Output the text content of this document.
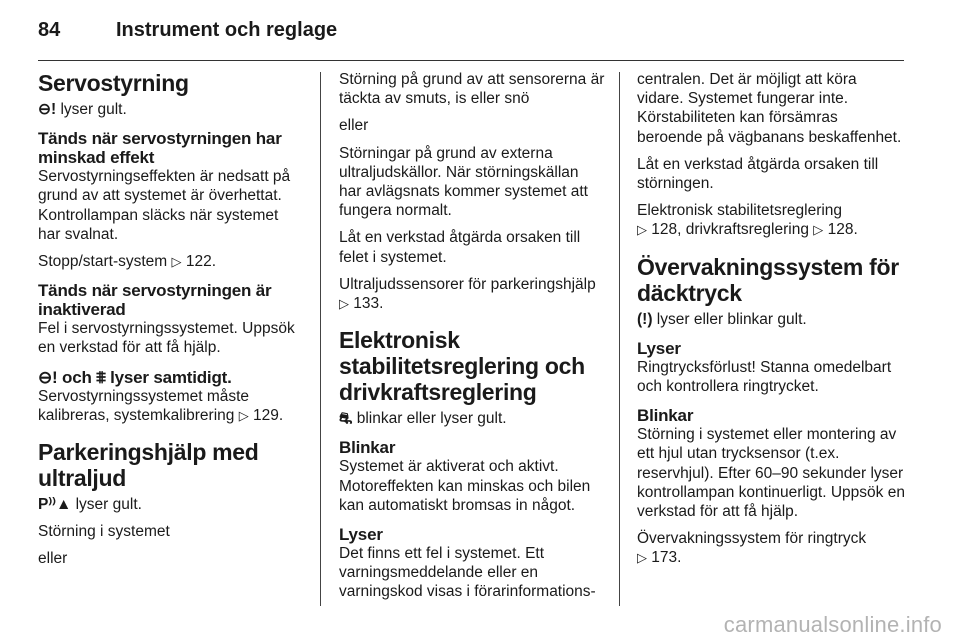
84	Instrument och reglage
Servostyrning

⊖! lyser gult.

Tänds när servostyrningen har minskad effekt

Servostyrningseffekten är nedsatt på grund av att systemet är överhettat. Kontrollampan släcks när systemet har svalnat.

Stopp/start-system ▷ 122.

Tänds när servostyrningen är inaktiverad

Fel i servostyrningssystemet. Uppsök en verkstad för att få hjälp.

⊖! och ⩨ lyser samtidigt.

Servostyrningssystemet måste kalibreras, systemkalibrering ▷ 129.

Parkeringshjälp med ultraljud

P⁾⁾▲ lyser gult.

Störning i systemet

eller

Störning på grund av att sensorerna är täckta av smuts, is eller snö

eller

Störningar på grund av externa ultraljudskällor. När störningskällan har avlägsnats kommer systemet att fungera normalt.

Låt en verkstad åtgärda orsaken till felet i systemet.

Ultraljudssensorer för parkeringshjälp ▷ 133.

Elektronisk stabilitetsreglering och drivkraftsreglering

⛐ blinkar eller lyser gult.

Blinkar

Systemet är aktiverat och aktivt. Motoreffekten kan minskas och bilen kan automatiskt bromsas in något.

Lyser

Det finns ett fel i systemet. Ett varningsmeddelande eller en varningskod visas i förarinformations-

centralen. Det är möjligt att köra vidare. Systemet fungerar inte. Körstabiliteten kan försämras beroende på vägbanans beskaffenhet.

Låt en verkstad åtgärda orsaken till störningen.

Elektronisk stabilitetsreglering
▷ 128, drivkraftsreglering ▷ 128.

Övervakningssystem för däcktryck

(!) lyser eller blinkar gult.

Lyser

Ringtrycksförlust! Stanna omedelbart och kontrollera ringtrycket.

Blinkar

Störning i systemet eller montering av ett hjul utan trycksensor (t.ex. reservhjul). Efter 60–90 sekunder lyser kontrollampan kontinuerligt. Uppsök en verkstad för att få hjälp.

Övervakningssystem för ringtryck
▷ 173.

carmanualsonline.info
